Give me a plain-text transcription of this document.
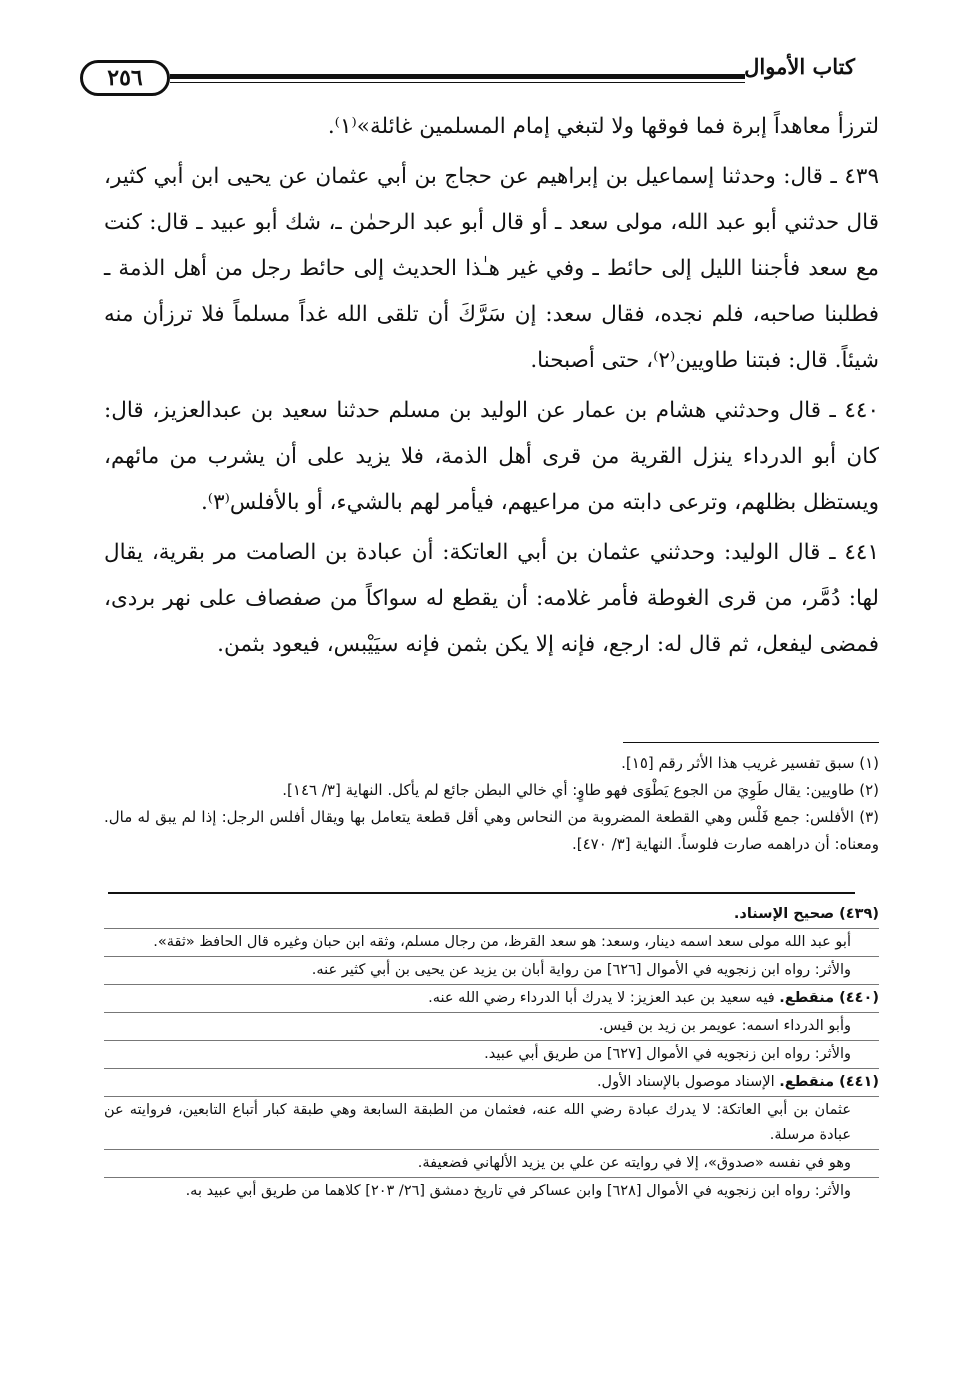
كتاب الأموال
٢٥٦

لترزأ معاهداً إبرة فما فوقها ولا لتبغي إمام المسلمين غائلة»⁽١⁾.

٤٣٩ ـ قال: وحدثنا إسماعيل بن إبراهيم عن حجاج بن أبي عثمان عن يحيى ابن أبي كثير، قال حدثني أبو عبد الله، مولى سعد ـ أو قال أبو عبد الرحمٰن ـ، شك أبو عبيد ـ قال: كنت مع سعد فأجننا الليل إلى حائط ـ وفي غير هـٰذا الحديث إلى حائط رجل من أهل الذمة ـ فطلبنا صاحبه، فلم نجده، فقال سعد: إن سَرَّكَ أن تلقى الله غداً مسلماً فلا ترزأن منه شيئاً. قال: فبتنا طاويين⁽٢⁾، حتى أصبحنا.

٤٤٠ ـ قال وحدثني هشام بن عمار عن الوليد بن مسلم حدثنا سعيد بن عبدالعزيز، قال: كان أبو الدرداء ينزل القرية من قرى أهل الذمة، فلا يزيد على أن يشرب من مائهم، ويستظل بظلهم، وترعى دابته من مراعيهم، فيأمر لهم بالشيء، أو بالأفلس⁽٣⁾.

٤٤١ ـ قال الوليد: وحدثني عثمان بن أبي العاتكة: أن عبادة بن الصامت مر بقرية، يقال لها: دُمَّر، من قرى الغوطة فأمر غلامه: أن يقطع له سواكاً من صفصاف على نهر بردى، فمضى ليفعل، ثم قال له: ارجع، فإنه إلا يكن بثمن فإنه سيَيْبس، فيعود بثمن.

(١) سبق تفسير غريب هذا الأثر رقم [١٥].

(٢) طاويين: يقال طَوِيَ من الجوع يَطْوَى فهو طاوٍ: أي خالي البطن جائع لم يأكل. النهاية [٣/ ١٤٦].

(٣) الأفلس: جمع فَلْس وهي القطعة المضروبة من النحاس وهي أقل قطعة يتعامل بها ويقال أفلس الرجل: إذا لم يبق له مال. ومعناه: أن دراهمه صارت فلوساً. النهاية [٣/ ٤٧٠].

(٤٣٩) صحيح الإسناد.

أبو عبد الله مولى سعد اسمه دينار، وسعد: هو سعد القرظ، من رجال مسلم، وثقه ابن حبان وغيره قال الحافظ «ثقة».

والأثر: رواه ابن زنجويه في الأموال [٦٢٦] من رواية أبان بن يزيد عن يحيى بن أبي كثير عنه.

(٤٤٠) منقطع. فيه سعيد بن عبد العزيز: لا يدرك أبا الدرداء رضي الله عنه.

وأبو الدرداء اسمه: عويمر بن زيد بن قيس.

والأثر: رواه ابن زنجويه في الأموال [٦٢٧] من طريق أبي عبيد.

(٤٤١) منقطع. الإسناد موصول بالإسناد الأول.

عثمان بن أبي العاتكة: لا يدرك عبادة رضي الله عنه، فعثمان من الطبقة السابعة وهي طبقة كبار أتباع التابعين، فروايته عن عبادة مرسلة.

وهو في نفسه «صدوق»، إلا في روايته عن علي بن يزيد الألهاني فضعيفة.

والأثر: رواه ابن زنجويه في الأموال [٦٢٨] وابن عساكر في تاريخ دمشق [٢٦/ ٢٠٣] كلاهما من طريق أبي عبيد به.
